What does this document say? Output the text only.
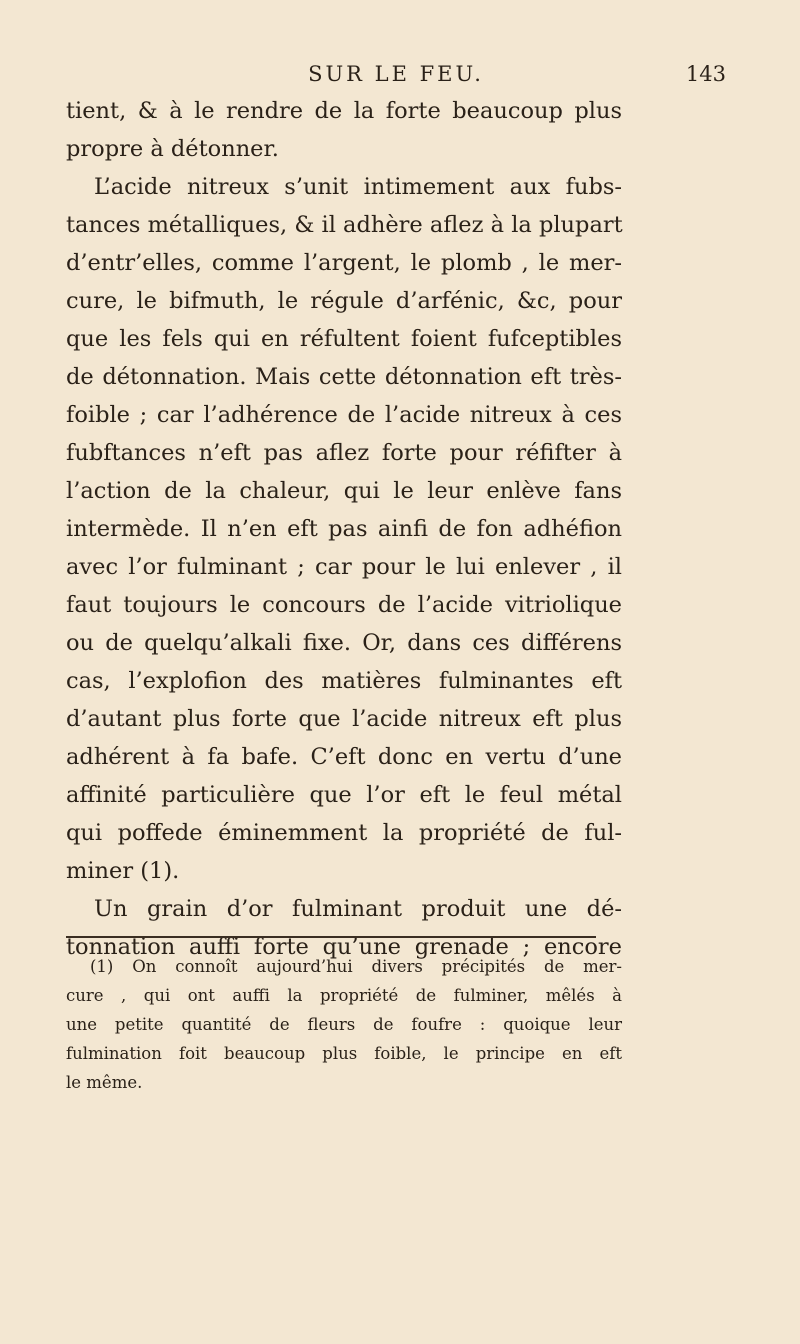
SUR LE FEU.	143
tient, & à le rendre de la forte beaucoup plus
propre à détonner.
L’acide nitreux s’unit intimement aux fubs-
tances métalliques, & il adhère aflez à la plupart
d’entr’elles, comme l’argent, le plomb , le mer-
cure, le bifmuth, le régule d’arfénic, &c, pour
que les fels qui en réfultent foient fufceptibles
de détonnation. Mais cette détonnation eft très-
foible ; car l’adhérence de l’acide nitreux à ces
fubftances n’eft pas aflez forte pour réfifter à
l’action de la chaleur, qui le leur enlève fans
intermède. Il n’en eft pas ainfi de fon adhéfion
avec l’or fulminant ; car pour le lui enlever , il
faut toujours le concours de l’acide vitriolique
ou de quelqu’alkali fixe. Or, dans ces différens
cas, l’explofion des matières fulminantes eft
d’autant plus forte que l’acide nitreux eft plus
adhérent à fa bafe. C’eft donc en vertu d’une
affinité particulière que l’or eft le feul métal
qui poffede éminemment la propriété de ful-
miner (1).
Un grain d’or fulminant produit une dé-
tonnation auffi forte qu’une grenade ; encore
(1) On connoît aujourd’hui divers précipités de mer-
cure , qui ont auffi la propriété de fulminer, mêlés à
une petite quantité de fleurs de foufre : quoique leur
fulmination foit beaucoup plus foible, le principe en eft
le même.
